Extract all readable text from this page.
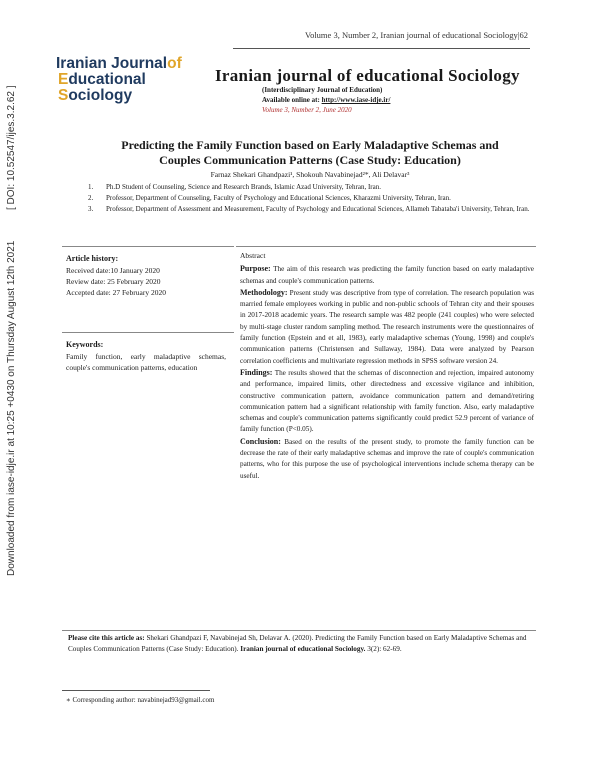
Downloaded from iase-idje.ir at 10:25 +0430 on Thursday August 12th 2021
[ DOI: 10.52547/ijes.3.2.62 ]
Volume 3, Number 2, Iranian journal of educational Sociology|62
Iranian Journalof
Educational
Sociology
Iranian journal of educational Sociology
(Interdisciplinary Journal of Education)
Available online at: http://www.iase-idje.ir/
Volume 3, Number 2, June 2020
Predicting the Family Function based on Early Maladaptive Schemas and
Couples Communication Patterns (Case Study: Education)
Farnaz Shekari Ghandpazi¹, Shokouh Navabinejad²*, Ali Delavar³
1. Ph.D Student of Counseling, Science and Research Brands, Islamic Azad University, Tehran, Iran.
2. Professor, Department of Counseling, Faculty of Psychology and Educational Sciences, Kharazmi University, Tehran, Iran.
3. Professor, Department of Assessment and Measurement, Faculty of Psychology and Educational Sciences, Allameh Tabataba'i University, Tehran, Iran.
Article history:
Received date:10 January 2020
Review date: 25 February 2020
Accepted date: 27 February 2020
Keywords:
Family function, early maladaptive schemas, couple's communication patterns, education
Abstract

Purpose: The aim of this research was predicting the family function based on early maladaptive schemas and couple's communication patterns.

Methodology: Present study was descriptive from type of correlation. The research population was married female employees working in public and non-public schools of Tehran city and their spouses in 2017-2018 academic years. The research sample was 482 people (241 couples) who were selected by multi-stage cluster random sampling method. The research instruments were the questionnaires of family function (Epstein and et all, 1983), early maladaptive schemas (Young, 1998) and couple's communication patterns (Christensen and Sullaway, 1984). Data were analyzed by Pearson correlation coefficients and multivariate regression methods in SPSS software version 24.

Findings: The results showed that the schemas of disconnection and rejection, impaired autonomy and performance, impaired limits, other directedness and excessive vigilance and inhibition, constructive communication pattern, avoidance communication pattern and demand/retiring communication pattern had a significant relationship with family function. Also, early maladaptive schemas and couple's communication patterns significantly could predict 52.9 percent of variance of family function (P<0.05).

Conclusion: Based on the results of the present study, to promote the family function can be decrease the rate of their early maladaptive schemas and improve the rate of couple's communication patterns, who for this purpose the use of psychological interventions include schema therapy can be useful.

Please cite this article as: Shekari Ghandpazi F, Navabinejad Sh, Delavar A. (2020). Predicting the Family Function based on Early Maladaptive Schemas and Couples Communication Patterns (Case Study: Education). Iranian journal of educational Sociology. 3(2): 62-69.
∗ Corresponding author: navabinejad93@gmail.com
